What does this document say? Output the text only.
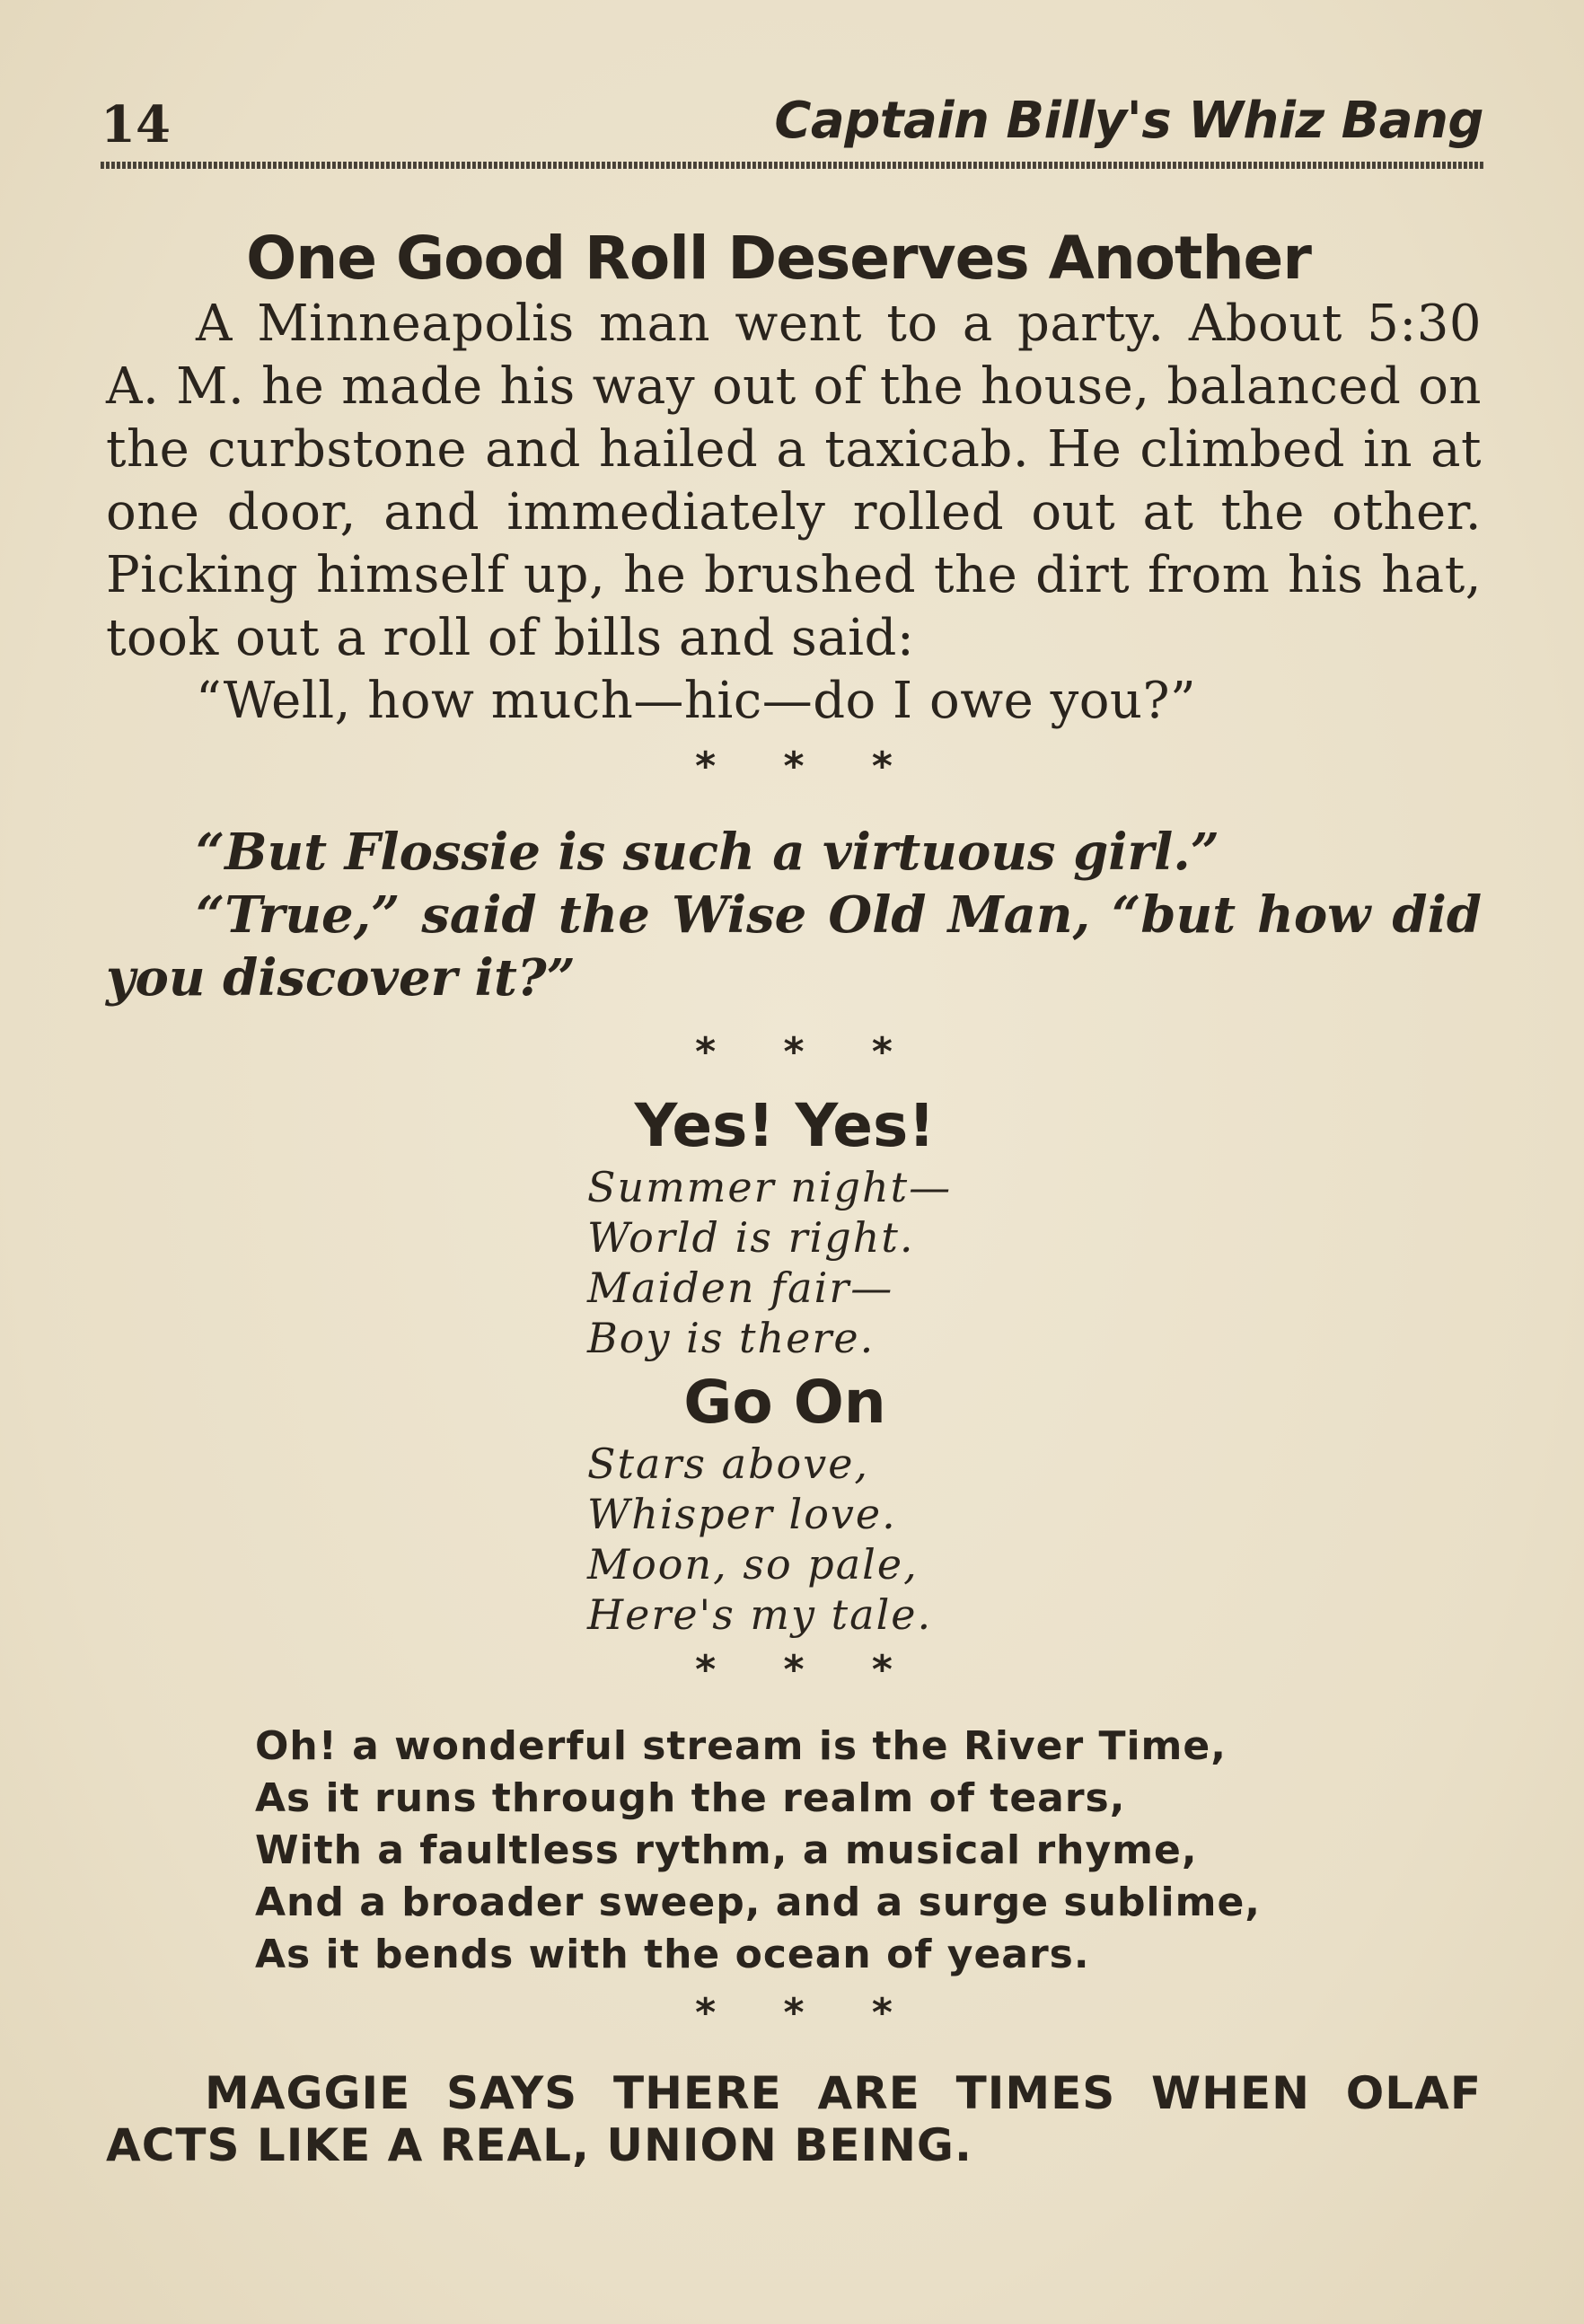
14	Captain Billy's Whiz Bang
One Good Roll Deserves Another

A Minneapolis man went to a party. About 5:30 A. M. he made his way out of the house, balanced on the curbstone and hailed a taxicab. He climbed in at one door, and immediately rolled out at the other. Picking himself up, he brushed the dirt from his hat, took out a roll of bills and said:

“Well, how much—hic—do I owe you?”

* * *

“But Flossie is such a virtuous girl.”

“True,” said the Wise Old Man, “but how did you discover it?”

* * *

Yes! Yes!

Summer night—

World is right.

Maiden fair—

Boy is there.

Go On

Stars above,

Whisper love.

Moon, so pale,

Here's my tale.

* * *

Oh! a wonderful stream is the River Time,

As it runs through the realm of tears,

With a faultless rythm, a musical rhyme,

And a broader sweep, and a surge sublime,

As it bends with the ocean of years.

* * *

MAGGIE SAYS THERE ARE TIMES WHEN OLAF ACTS LIKE A REAL, UNION BEING.
